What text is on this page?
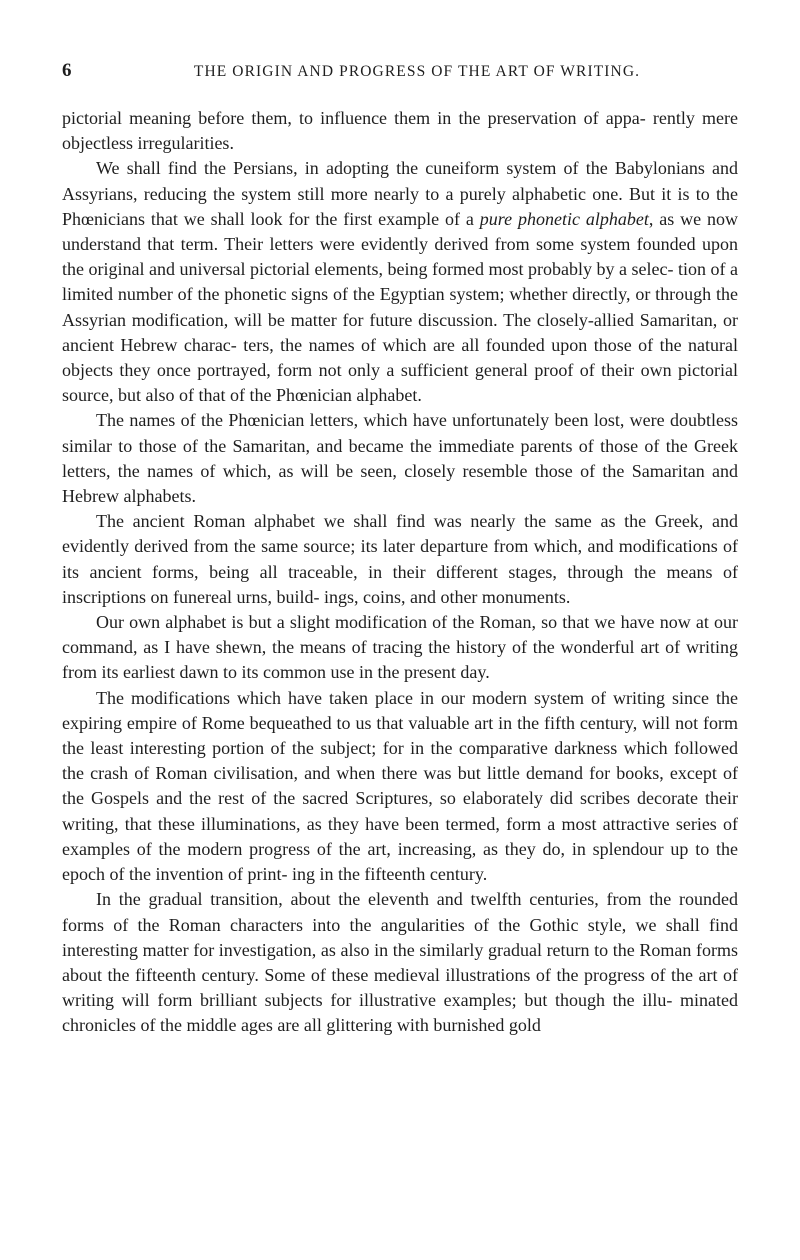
6	THE ORIGIN AND PROGRESS OF THE ART OF WRITING.

pictorial meaning before them, to influence them in the preservation of appa- rently mere objectless irregularities.

We shall find the Persians, in adopting the cuneiform system of the Babylonians and Assyrians, reducing the system still more nearly to a purely alphabetic one. But it is to the Phœnicians that we shall look for the first example of a pure phonetic alphabet, as we now understand that term. Their letters were evidently derived from some system founded upon the original and universal pictorial elements, being formed most probably by a selec- tion of a limited number of the phonetic signs of the Egyptian system; whether directly, or through the Assyrian modification, will be matter for future discussion. The closely-allied Samaritan, or ancient Hebrew charac- ters, the names of which are all founded upon those of the natural objects they once portrayed, form not only a sufficient general proof of their own pictorial source, but also of that of the Phœnician alphabet.

The names of the Phœnician letters, which have unfortunately been lost, were doubtless similar to those of the Samaritan, and became the immediate parents of those of the Greek letters, the names of which, as will be seen, closely resemble those of the Samaritan and Hebrew alphabets.

The ancient Roman alphabet we shall find was nearly the same as the Greek, and evidently derived from the same source; its later departure from which, and modifications of its ancient forms, being all traceable, in their different stages, through the means of inscriptions on funereal urns, build- ings, coins, and other monuments.

Our own alphabet is but a slight modification of the Roman, so that we have now at our command, as I have shewn, the means of tracing the history of the wonderful art of writing from its earliest dawn to its common use in the present day.

The modifications which have taken place in our modern system of writing since the expiring empire of Rome bequeathed to us that valuable art in the fifth century, will not form the least interesting portion of the subject; for in the comparative darkness which followed the crash of Roman civilisation, and when there was but little demand for books, except of the Gospels and the rest of the sacred Scriptures, so elaborately did scribes decorate their writing, that these illuminations, as they have been termed, form a most attractive series of examples of the modern progress of the art, increasing, as they do, in splendour up to the epoch of the invention of print- ing in the fifteenth century.

In the gradual transition, about the eleventh and twelfth centuries, from the rounded forms of the Roman characters into the angularities of the Gothic style, we shall find interesting matter for investigation, as also in the similarly gradual return to the Roman forms about the fifteenth century. Some of these medieval illustrations of the progress of the art of writing will form brilliant subjects for illustrative examples; but though the illu- minated chronicles of the middle ages are all glittering with burnished gold
